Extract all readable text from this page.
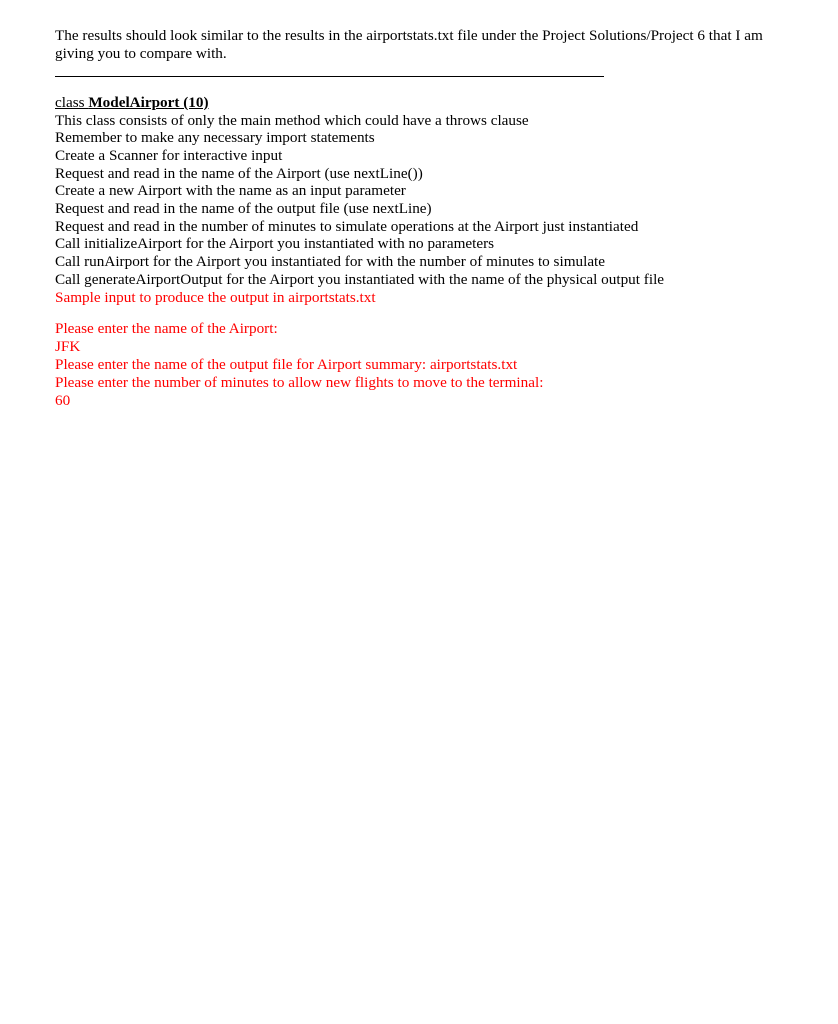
The results should look similar to the results in the airportstats.txt file under the Project Solutions/Project 6 that I am giving you to compare with.

class ModelAirport (10)

This class consists of only the main method which could have a throws clause

Remember to make any necessary import statements

Create a Scanner for interactive input

Request and read in the name of the Airport (use nextLine())

Create a new Airport with the name as an input parameter

Request and read in the name of the output file (use nextLine)

Request and read in the number of minutes to simulate operations at the Airport just instantiated

Call initializeAirport for the Airport you instantiated with no parameters

Call runAirport for the Airport you instantiated for with the number of minutes to simulate

Call generateAirportOutput for the Airport you instantiated with the name of the physical output file

Sample input to produce the output in airportstats.txt

Please enter the name of the Airport:

JFK

Please enter the name of the output file for Airport summary: airportstats.txt

Please enter the number of minutes to allow new flights to move to the terminal:

60
